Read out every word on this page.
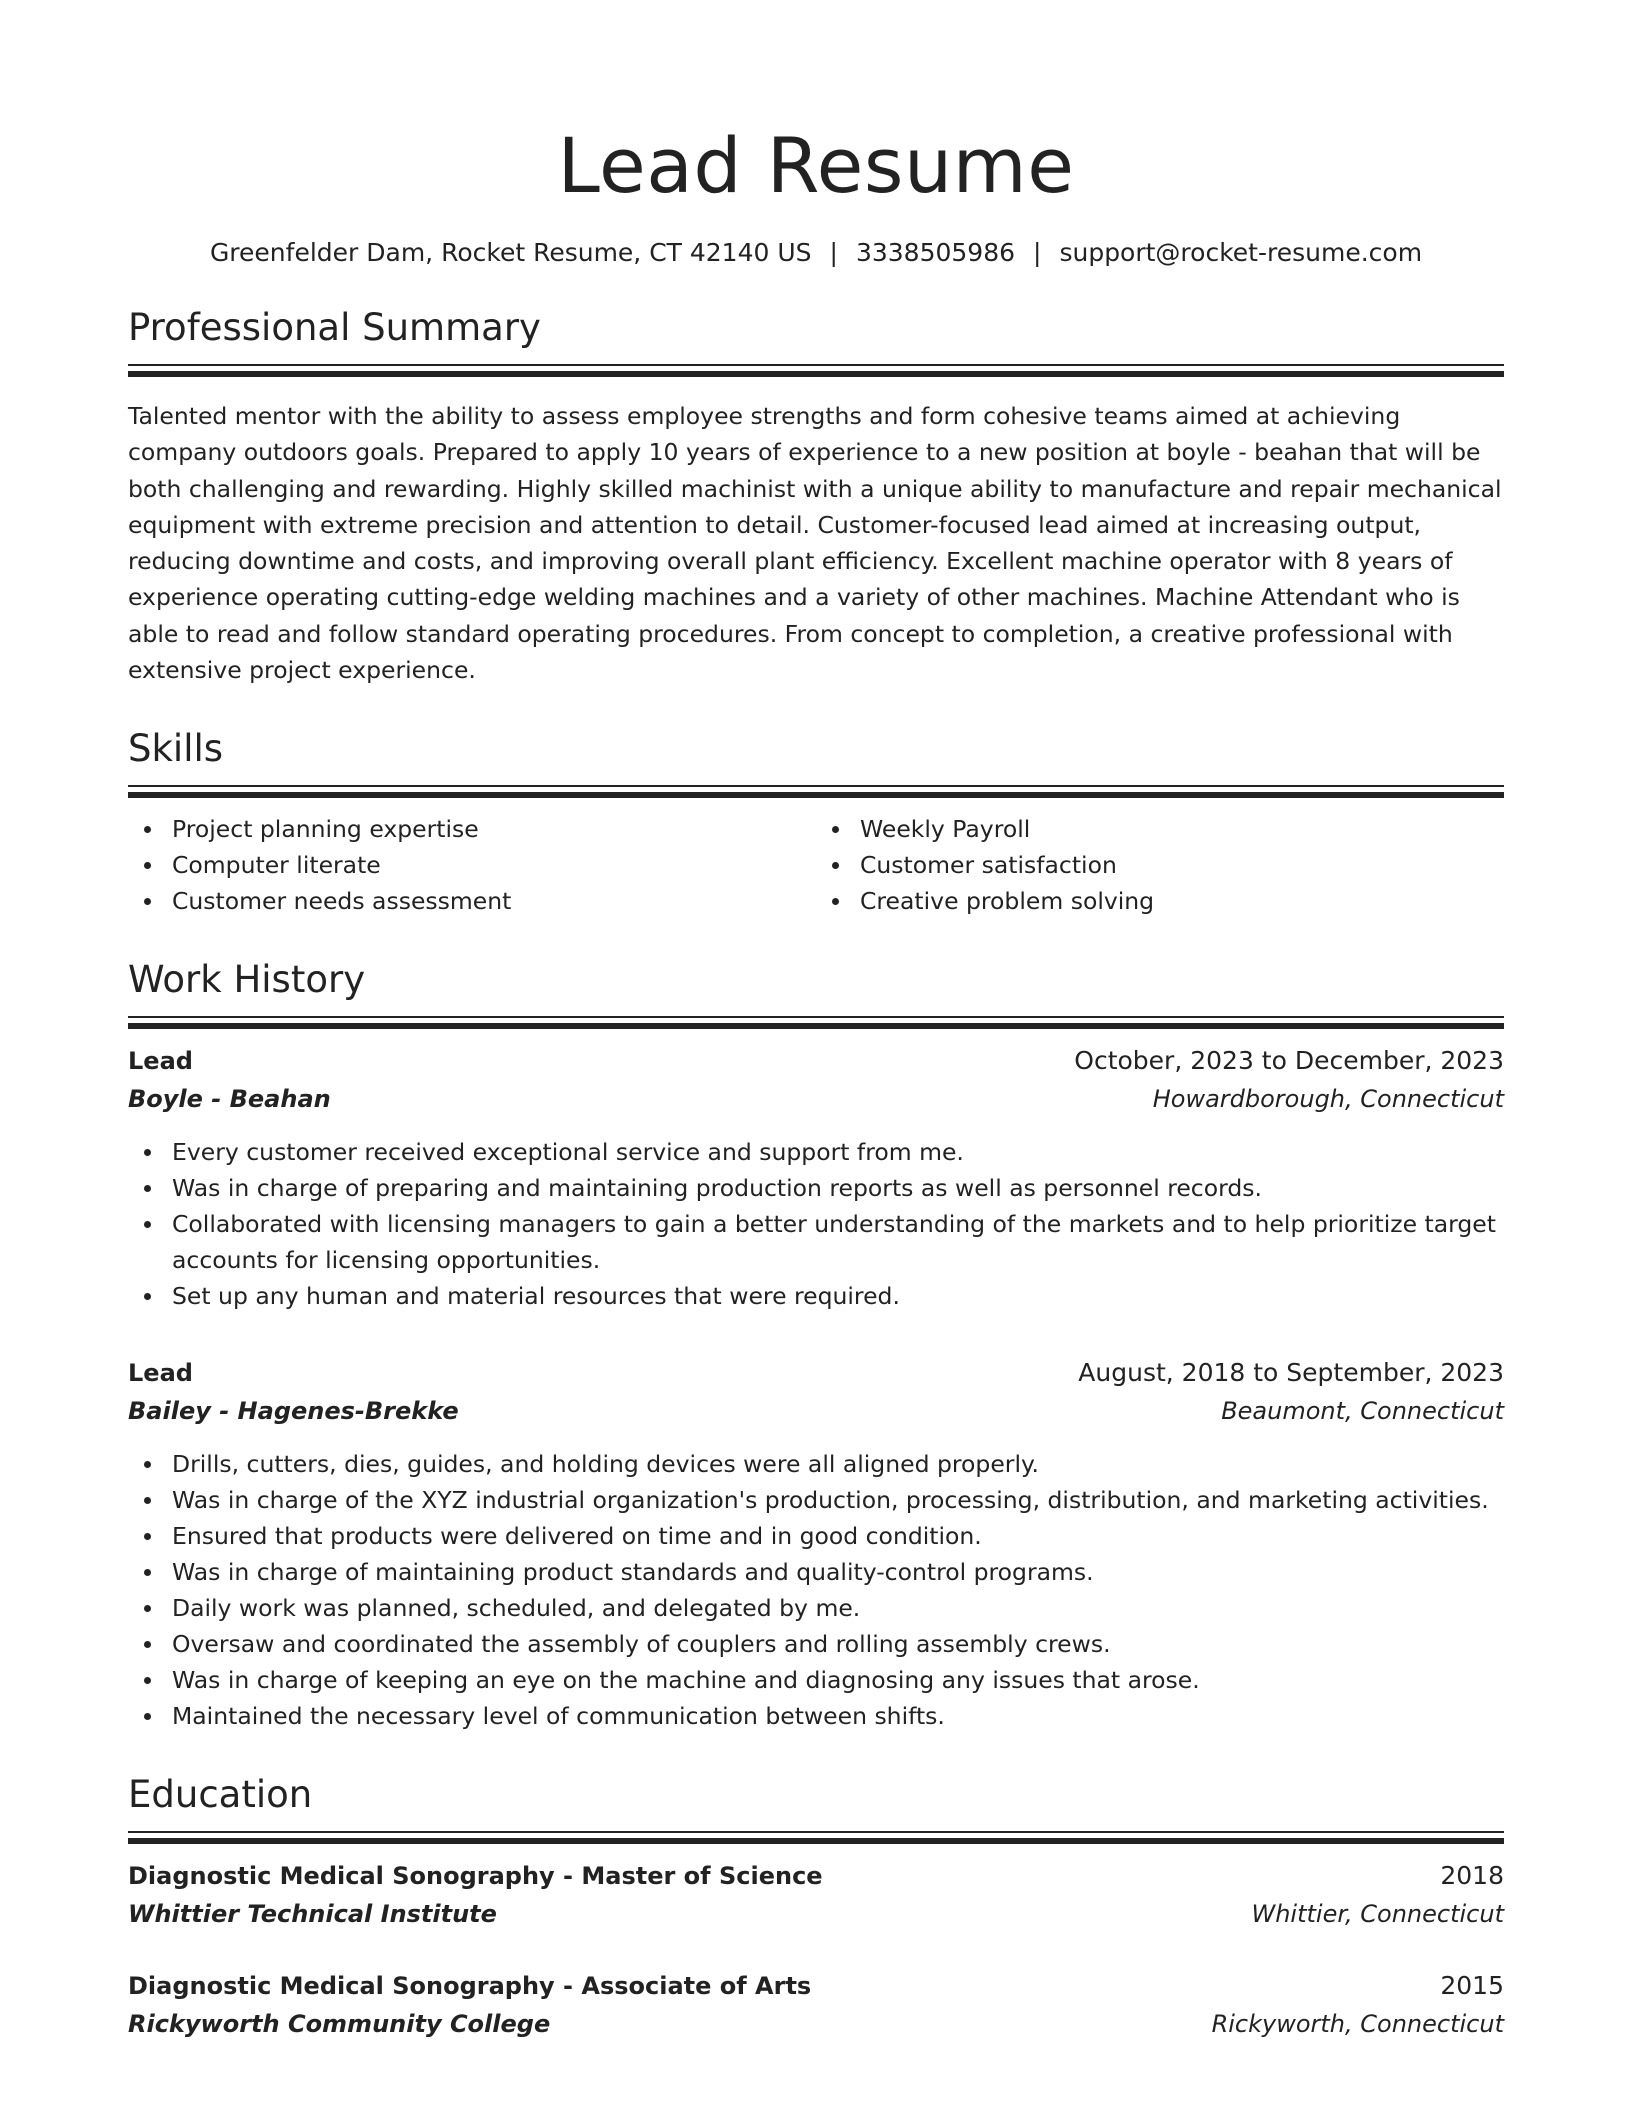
Lead Resume
Greenfelder Dam, Rocket Resume, CT 42140 US | 3338505986 | support@rocket-resume.com
Professional Summary

Talented mentor with the ability to assess employee strengths and form cohesive teams aimed at achieving company outdoors goals. Prepared to apply 10 years of experience to a new position at boyle - beahan that will be both challenging and rewarding. Highly skilled machinist with a unique ability to manufacture and repair mechanical equipment with extreme precision and attention to detail. Customer-focused lead aimed at increasing output, reducing downtime and costs, and improving overall plant efficiency. Excellent machine operator with 8 years of experience operating cutting-edge welding machines and a variety of other machines. Machine Attendant who is able to read and follow standard operating procedures. From concept to completion, a creative professional with extensive project experience.

Skills
Project planning expertise
Computer literate
Customer needs assessment
Weekly Payroll
Customer satisfaction
Creative problem solving
Work History
Lead	October, 2023 to December, 2023
Boyle - Beahan	Howardborough, Connecticut
Every customer received exceptional service and support from me.
Was in charge of preparing and maintaining production reports as well as personnel records.
Collaborated with licensing managers to gain a better understanding of the markets and to help prioritize target accounts for licensing opportunities.
Set up any human and material resources that were required.
Lead	August, 2018 to September, 2023
Bailey - Hagenes-Brekke	Beaumont, Connecticut
Drills, cutters, dies, guides, and holding devices were all aligned properly.
Was in charge of the XYZ industrial organization's production, processing, distribution, and marketing activities.
Ensured that products were delivered on time and in good condition.
Was in charge of maintaining product standards and quality-control programs.
Daily work was planned, scheduled, and delegated by me.
Oversaw and coordinated the assembly of couplers and rolling assembly crews.
Was in charge of keeping an eye on the machine and diagnosing any issues that arose.
Maintained the necessary level of communication between shifts.
Education
Diagnostic Medical Sonography - Master of Science	2018
Whittier Technical Institute	Whittier, Connecticut
Diagnostic Medical Sonography - Associate of Arts	2015
Rickyworth Community College	Rickyworth, Connecticut
